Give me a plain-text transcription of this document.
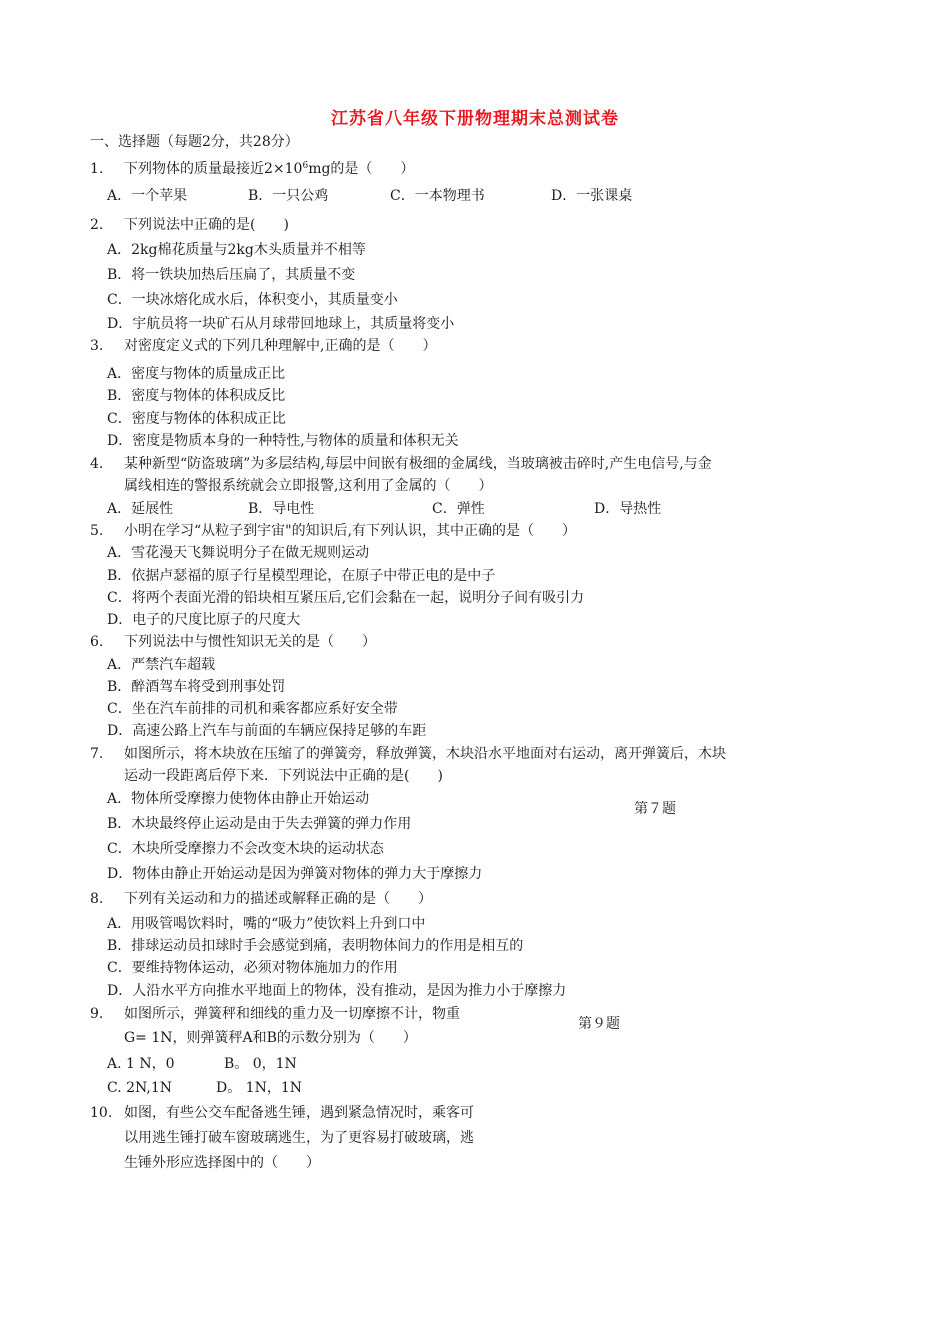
江苏省八年级下册物理期末总测试卷
一、选择题（每题2分，共28分）
1. 下列物体的质量最接近$2\times 10^6mg$的是（　　）
A．一个苹果	B．一只公鸡	C．一本物理书	D．一张课桌
2. 下列说法中正确的是(　　)
A．2kg棉花质量与2kg木头质量并不相等
B．将一铁块加热后压扁了，其质量不变
C．一块冰熔化成水后，体积变小，其质量变小
D．宇航员将一块矿石从月球带回地球上，其质量将变小
3. 对密度定义式的下列几种理解中,正确的是（　　）
A．密度与物体的质量成正比
B．密度与物体的体积成反比
C．密度与物体的体积成正比
D．密度是物质本身的一种特性,与物体的质量和体积无关
4. 某种新型“防盗玻璃”为多层结构,每层中间嵌有极细的金属线，当玻璃被击碎时,产生电信号,与金
属线相连的警报系统就会立即报警,这利用了金属的（　　）
A．延展性	B．导电性	C．弹性	D．导热性
5. 小明在学习“从粒子到宇宙"的知识后,有下列认识，其中正确的是（　　）
A．雪花漫天飞舞说明分子在做无规则运动
B．依据卢瑟福的原子行星模型理论，在原子中带正电的是中子
C．将两个表面光滑的铅块相互紧压后,它们会黏在一起，说明分子间有吸引力
D．电子的尺度比原子的尺度大
6. 下列说法中与惯性知识无关的是（　　）
A．严禁汽车超载
B．醉酒驾车将受到刑事处罚
C．坐在汽车前排的司机和乘客都应系好安全带
D．高速公路上汽车与前面的车辆应保持足够的车距
7. 如图所示，将木块放在压缩了的弹簧旁，释放弹簧，木块沿水平地面对右运动，离开弹簧后，木块
运动一段距离后停下来．下列说法中正确的是(　　)
A．物体所受摩擦力使物体由静止开始运动
第７题
B．木块最终停止运动是由于失去弹簧的弹力作用
C．木块所受摩擦力不会改变木块的运动状态
D．物体由静止开始运动是因为弹簧对物体的弹力大于摩擦力
8. 下列有关运动和力的描述或解释正确的是（　　）
A．用吸管喝饮料时，嘴的“吸力”使饮料上升到口中
B．排球运动员扣球时手会感觉到痛，表明物体间力的作用是相互的
C．要维持物体运动，必须对物体施加力的作用
D．人沿水平方向推水平地面上的物体，没有推动，是因为推力小于摩擦力
9. 如图所示，弹簧秤和细线的重力及一切摩擦不计，物重
第９题
G= 1N，则弹簧秤A和B的示数分别为（　　）
A. 1 N，0	B。 0，1N
C. 2N,1N	D。 1N，1N
10. 如图，有些公交车配备逃生锤，遇到紧急情况时，乘客可
以用逃生锤打破车窗玻璃逃生，为了更容易打破玻璃，逃
生锤外形应选择图中的（　　）
